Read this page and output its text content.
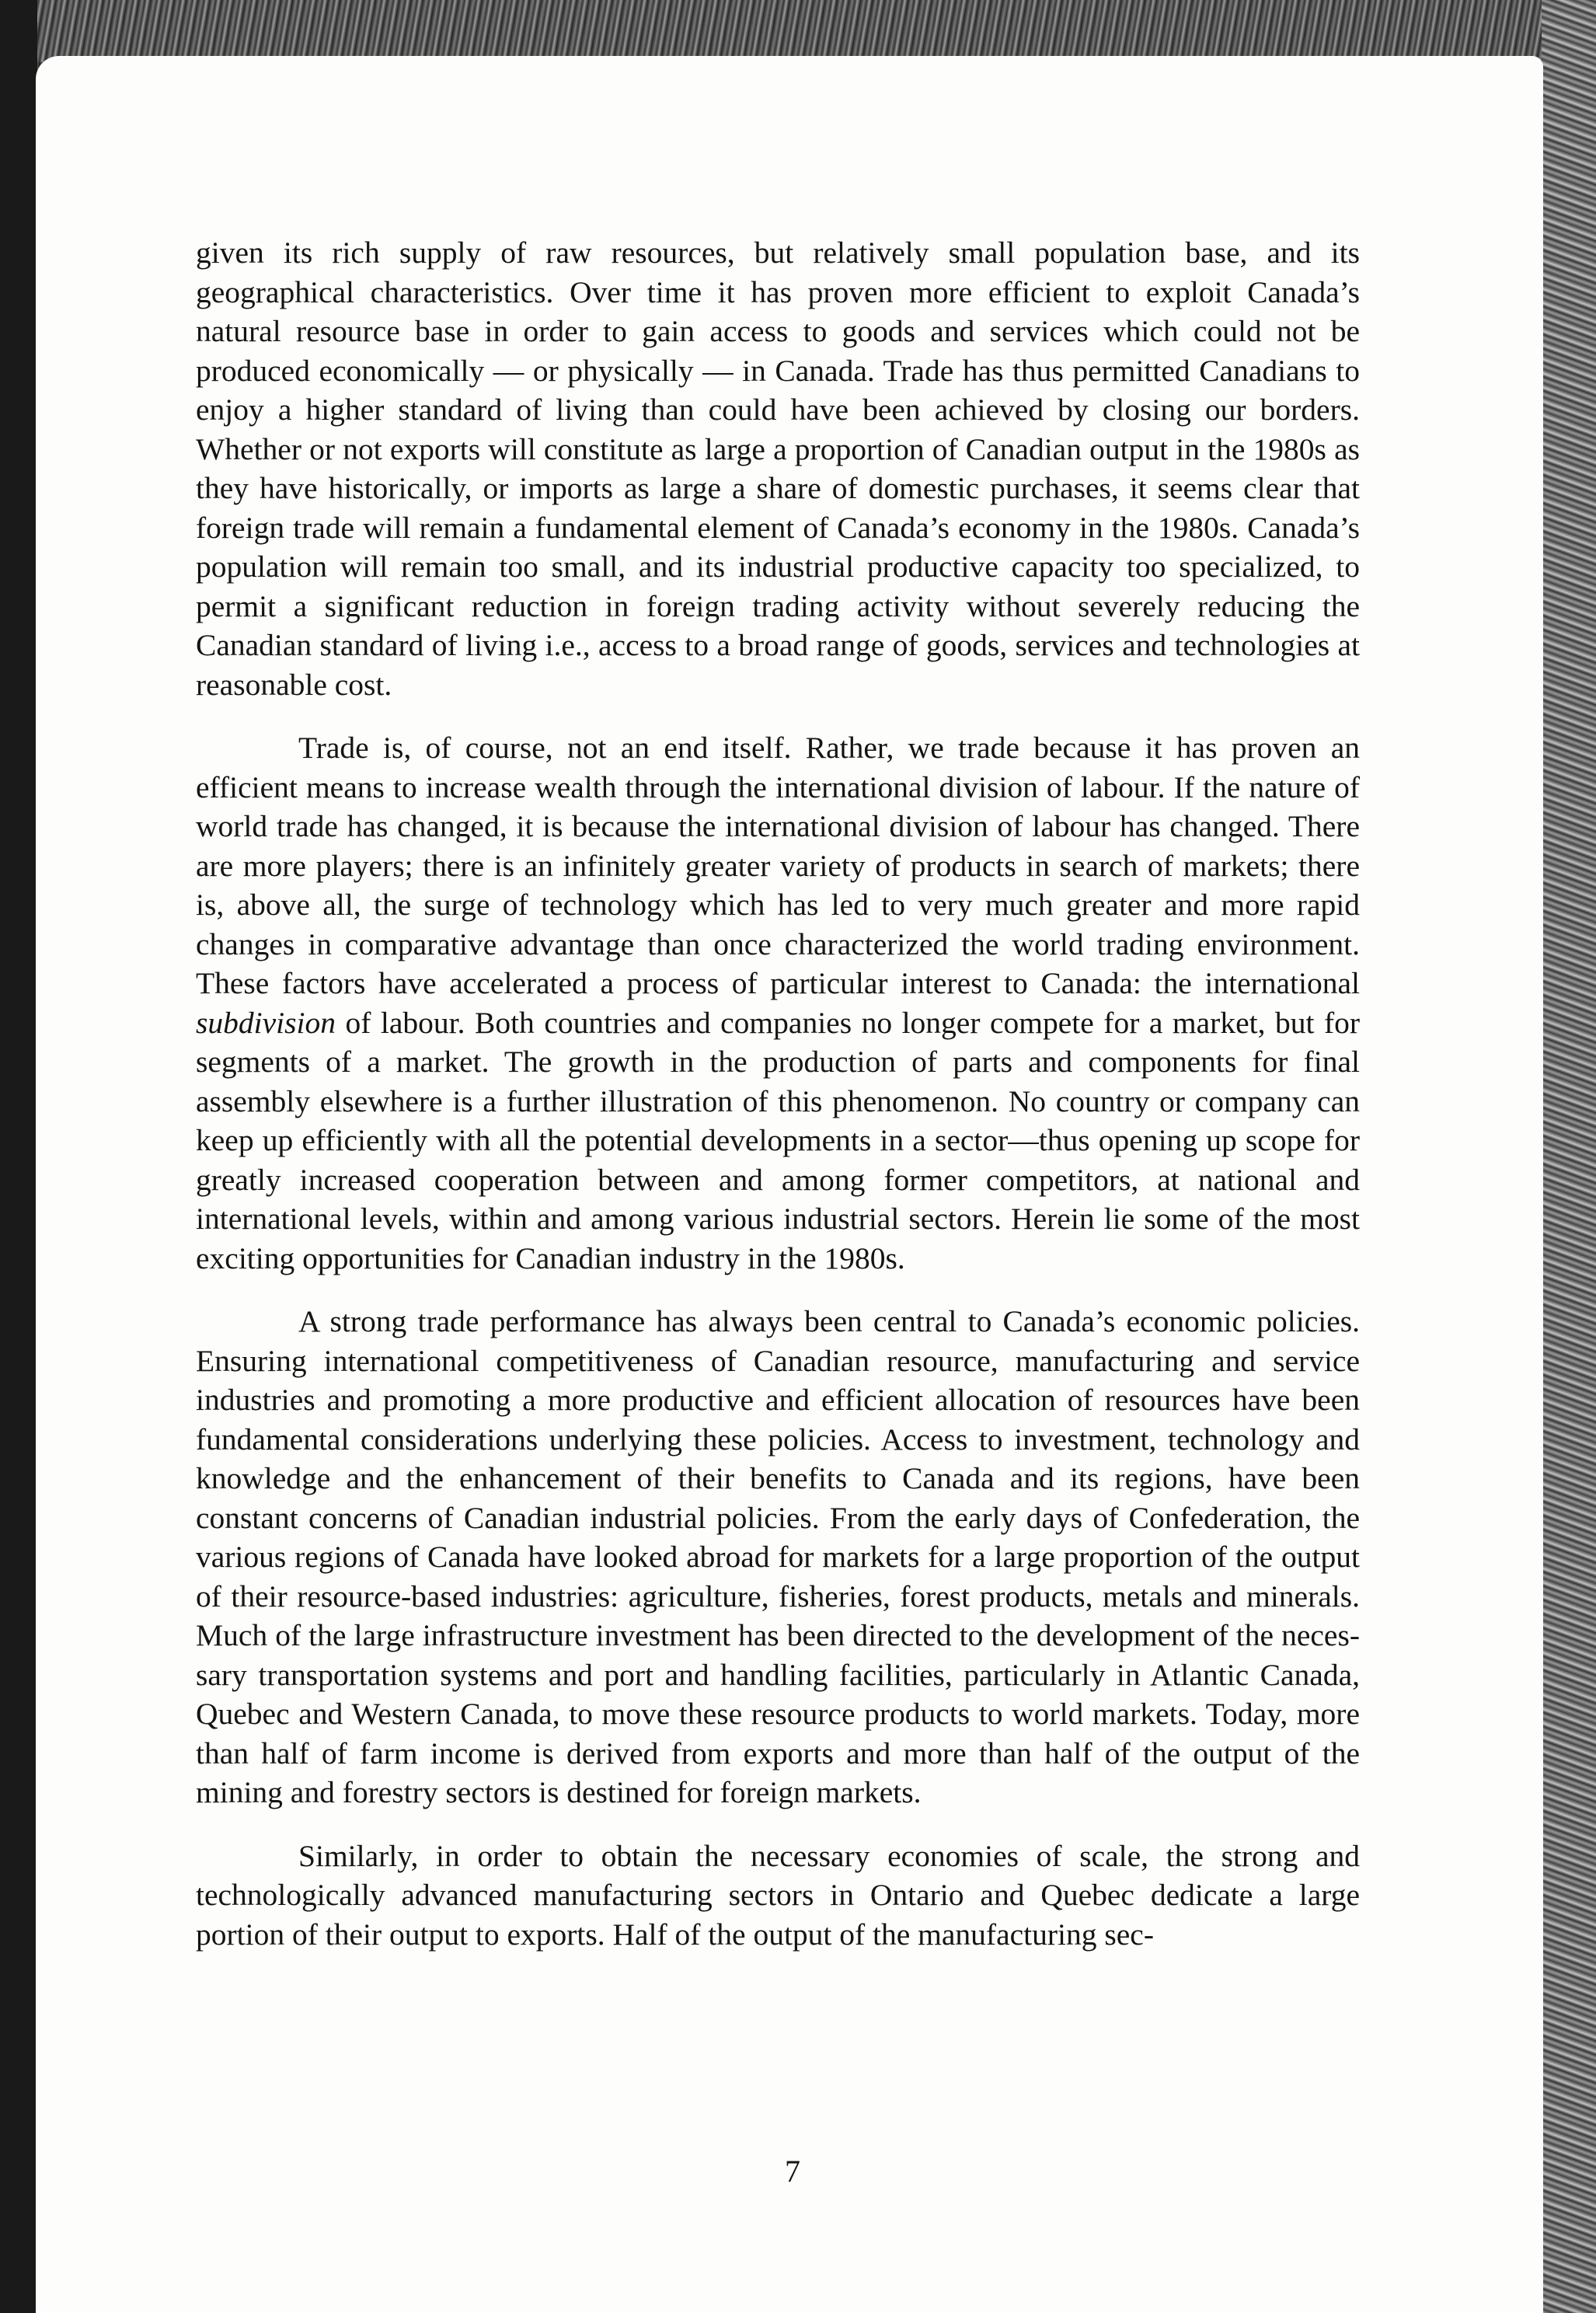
given its rich supply of raw resources, but relatively small population base, and its geographical characteristics. Over time it has proven more efficient to exploit Canada’s natural resource base in order to gain access to goods and services which could not be produced economically — or physically — in Canada. Trade has thus permitted Canadians to enjoy a higher standard of living than could have been achieved by closing our borders. Whether or not exports will constitute as large a proportion of Canadian output in the 1980s as they have historically, or imports as large a share of domestic purchases, it seems clear that foreign trade will remain a fundamental element of Canada’s economy in the 1980s. Canada’s population will remain too small, and its industrial productive capacity too specialized, to permit a significant reduction in foreign trading activity without severely reducing the Canadian standard of living i.e., access to a broad range of goods, services and technologies at reasonable cost.

Trade is, of course, not an end itself. Rather, we trade because it has proven an efficient means to increase wealth through the international division of labour. If the nature of world trade has changed, it is because the international division of labour has changed. There are more players; there is an infinitely greater variety of products in search of markets; there is, above all, the surge of technology which has led to very much greater and more rapid changes in comparative advantage than once characterized the world trading environment. These factors have accelerated a process of particular interest to Canada: the international subdivision of labour. Both countries and companies no longer compete for a market, but for segments of a market. The growth in the production of parts and components for final assembly elsewhere is a further illustration of this phenomenon. No country or company can keep up efficiently with all the potential developments in a sector—thus opening up scope for greatly increased cooperation between and among former competitors, at national and international levels, within and among various industrial sectors. Herein lie some of the most exciting opportunities for Canadian industry in the 1980s.

A strong trade performance has always been central to Canada’s economic policies. Ensuring international competitiveness of Canadian resource, manufacturing and service industries and promoting a more productive and efficient allocation of resources have been fundamental considerations underlying these policies. Access to investment, technology and knowledge and the enhancement of their benefits to Canada and its regions, have been constant concerns of Canadian industrial policies. From the early days of Confederation, the various regions of Canada have looked abroad for markets for a large proportion of the output of their resource-based industries: agriculture, fisheries, forest products, metals and minerals. Much of the large infrastructure investment has been directed to the development of the necessary transportation systems and port and handling facilities, particularly in Atlantic Canada, Quebec and Western Canada, to move these resource products to world markets. Today, more than half of farm income is derived from exports and more than half of the output of the mining and forestry sectors is destined for foreign markets.

Similarly, in order to obtain the necessary economies of scale, the strong and technologically advanced manufacturing sectors in Ontario and Quebec dedicate a large portion of their output to exports. Half of the output of the manufacturing sec-

7
